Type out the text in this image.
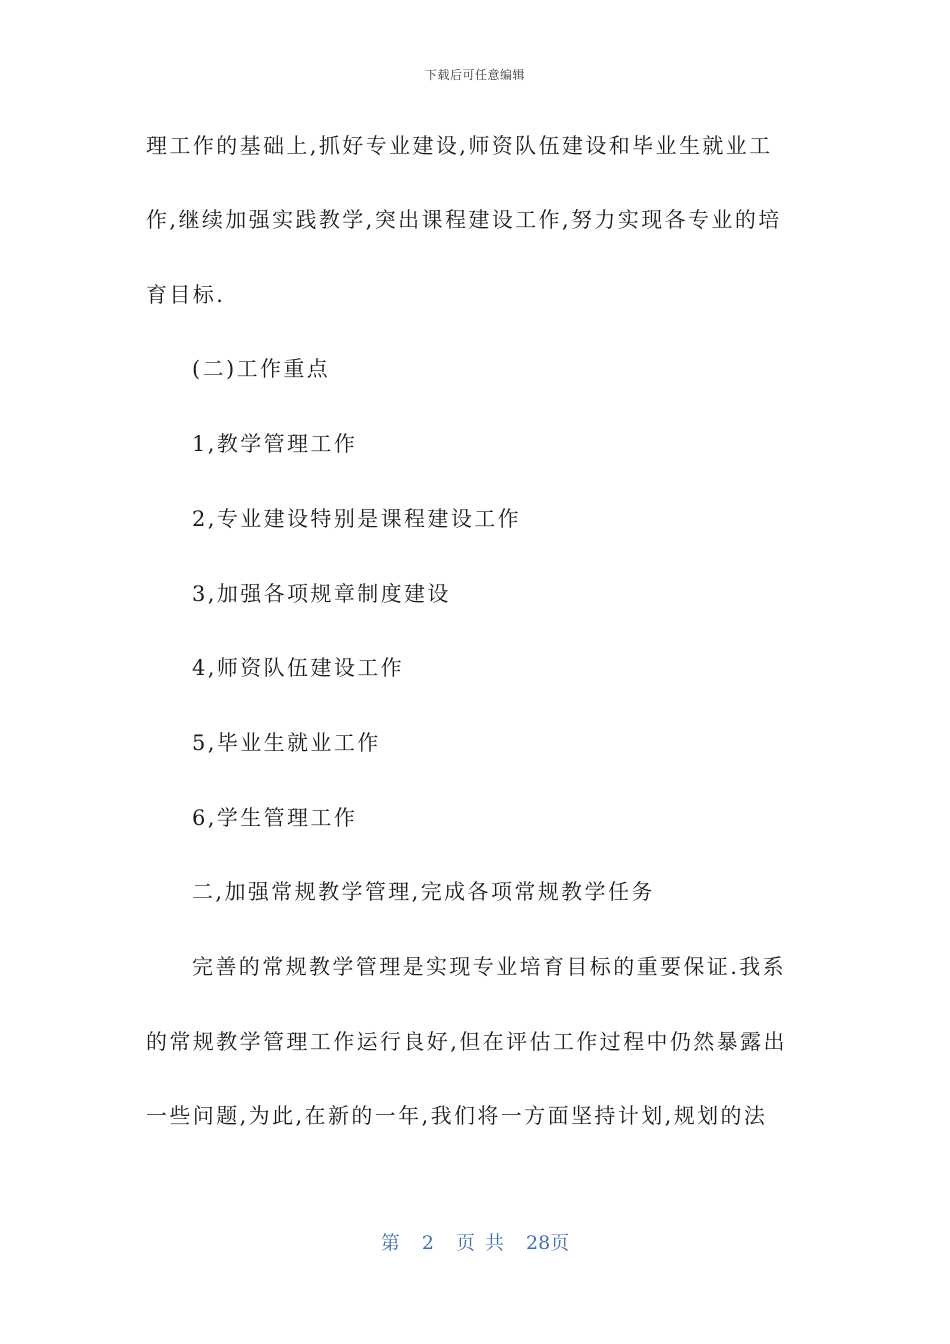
下载后可任意编辑
理工作的基础上,抓好专业建设,师资队伍建设和毕业生就业工
作,继续加强实践教学,突出课程建设工作,努力实现各专业的培
育目标.
(二)工作重点
1,教学管理工作
2,专业建设特别是课程建设工作
3,加强各项规章制度建设
4,师资队伍建设工作
5,毕业生就业工作
6,学生管理工作
二,加强常规教学管理,完成各项常规教学任务
完善的常规教学管理是实现专业培育目标的重要保证.我系
的常规教学管理工作运行良好,但在评估工作过程中仍然暴露出
一些问题,为此,在新的一年,我们将一方面坚持计划,规划的法
第 2 页 共 28页
